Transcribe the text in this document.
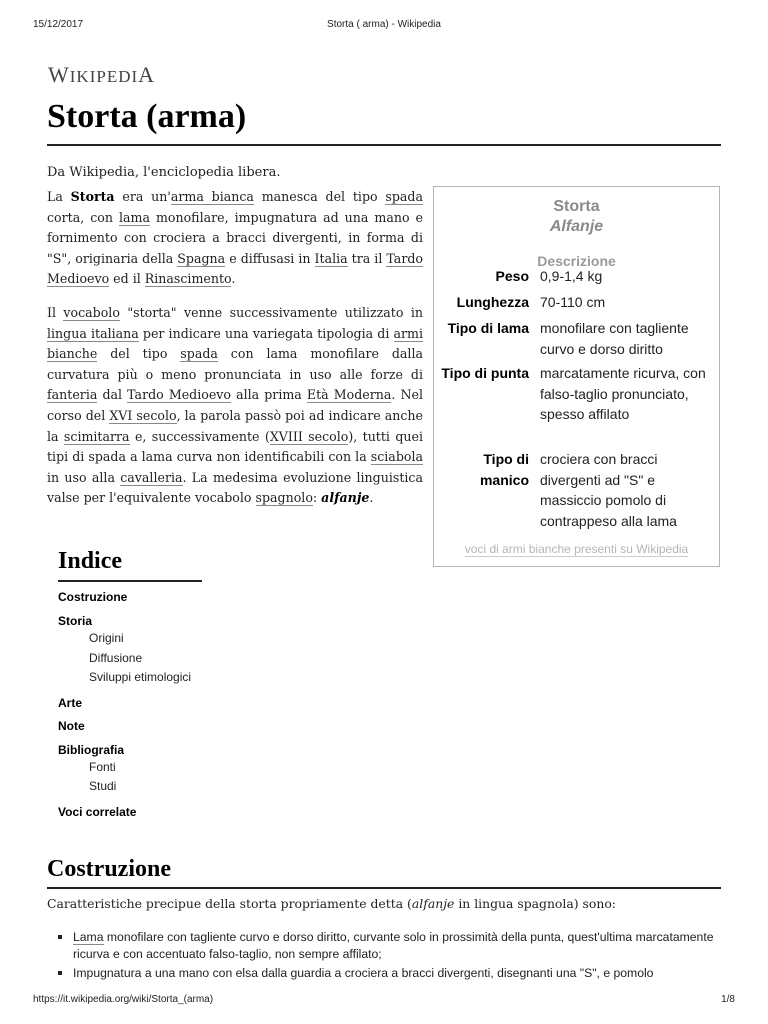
15/12/2017	Storta ( arma) - Wikipedia
WIKIPEDIA
Storta (arma)
Da Wikipedia, l'enciclopedia libera.

La Storta era un'arma bianca manesca del tipo spada corta, con lama monofilare, impugnatura ad una mano e fornimento con crociera a bracci divergenti, in forma di "S", originaria della Spagna e diffusasi in Italia tra il Tardo Medioevo ed il Rinascimento.

Il vocabolo "storta" venne successivamente utilizzato in lingua italiana per indicare una variegata tipologia di armi bianche del tipo spada con lama monofilare dalla curvatura più o meno pronunciata in uso alle forze di fanteria dal Tardo Medioevo alla prima Età Moderna. Nel corso del XVI secolo, la parola passò poi ad indicare anche la scimitarra e, successivamente (XVIII secolo), tutti quei tipi di spada a lama curva non identificabili con la sciabola in uso alla cavalleria. La medesima evoluzione linguistica valse per l'equivalente vocabolo spagnolo: alfanje.

Storta
Alfanje
Descrizione
Peso 0,9-1,4 kg
Lunghezza 70-110 cm
Tipo di lama monofilare con tagliente curvo e dorso diritto
Tipo di punta marcatamente ricurva, con falso-taglio pronunciato, spesso affilato
Tipo di manico
crociera con bracci divergenti ad "S" e massiccio pomolo di contrappeso alla lama
voci di armi bianche presenti su Wikipedia
Indice
Costruzione
Storia
Origini
Diffusione
Sviluppi etimologici
Arte
Note
Bibliografia
Fonti
Studi
Voci correlate
Costruzione

Caratteristiche precipue della storta propriamente detta (alfanje in lingua spagnola) sono:

Lama monofilare con tagliente curvo e dorso diritto, curvante solo in prossimità della punta, quest'ultima marcatamente ricurva e con accentuato falso-taglio, non sempre affilato;
Impugnatura a una mano con elsa dalla guardia a crociera a bracci divergenti, disegnanti una "S", e pomolo
https://it.wikipedia.org/wiki/Storta_(arma)	1/8
